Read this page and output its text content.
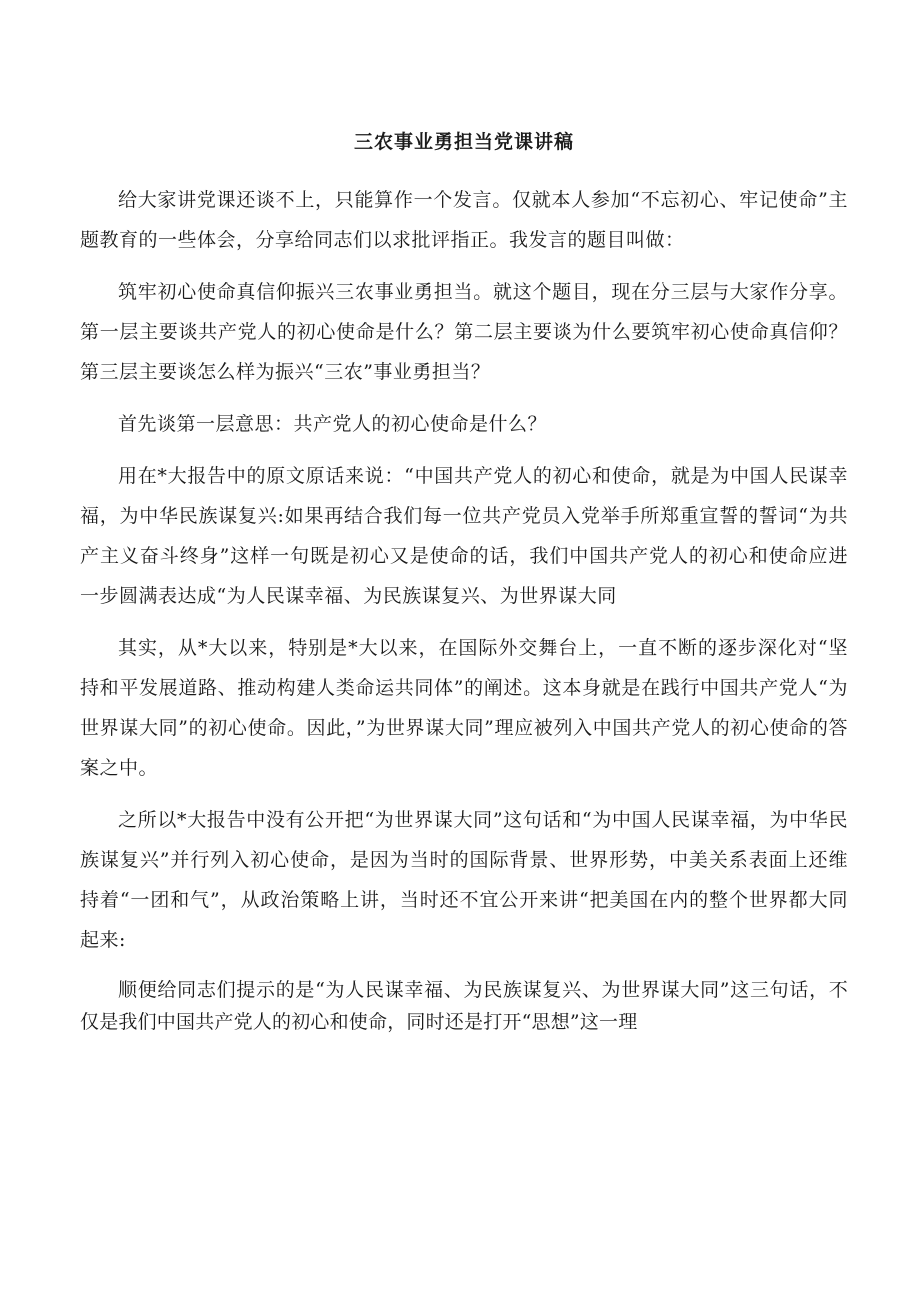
三农事业勇担当党课讲稿

给大家讲党课还谈不上，只能算作一个发言。仅就本人参加“不忘初心、牢记使命”主题教育的一些体会，分享给同志们以求批评指正。我发言的题目叫做：

筑牢初心使命真信仰振兴三农事业勇担当。就这个题目，现在分三层与大家作分享。第一层主要谈共产党人的初心使命是什么？第二层主要谈为什么要筑牢初心使命真信仰？第三层主要谈怎么样为振兴“三农”事业勇担当？

首先谈第一层意思：共产党人的初心使命是什么？

用在*大报告中的原文原话来说：“中国共产党人的初心和使命，就是为中国人民谋幸福，为中华民族谋复兴:如果再结合我们每一位共产党员入党举手所郑重宣誓的誓词“为共产主义奋斗终身”这样一句既是初心又是使命的话，我们中国共产党人的初心和使命应进一步圆满表达成“为人民谋幸福、为民族谋复兴、为世界谋大同

其实，从*大以来，特别是*大以来，在国际外交舞台上，一直不断的逐步深化对“坚持和平发展道路、推动构建人类命运共同体”的阐述。这本身就是在践行中国共产党人“为世界谋大同”的初心使命。因此，”为世界谋大同”理应被列入中国共产党人的初心使命的答案之中。

之所以*大报告中没有公开把“为世界谋大同”这句话和“为中国人民谋幸福，为中华民族谋复兴”并行列入初心使命，是因为当时的国际背景、世界形势，中美关系表面上还维持着“一团和气”，从政治策略上讲，当时还不宜公开来讲“把美国在内的整个世界都大同起来:

顺便给同志们提示的是“为人民谋幸福、为民族谋复兴、为世界谋大同”这三句话，不仅是我们中国共产党人的初心和使命，同时还是打开“思想”这一理
